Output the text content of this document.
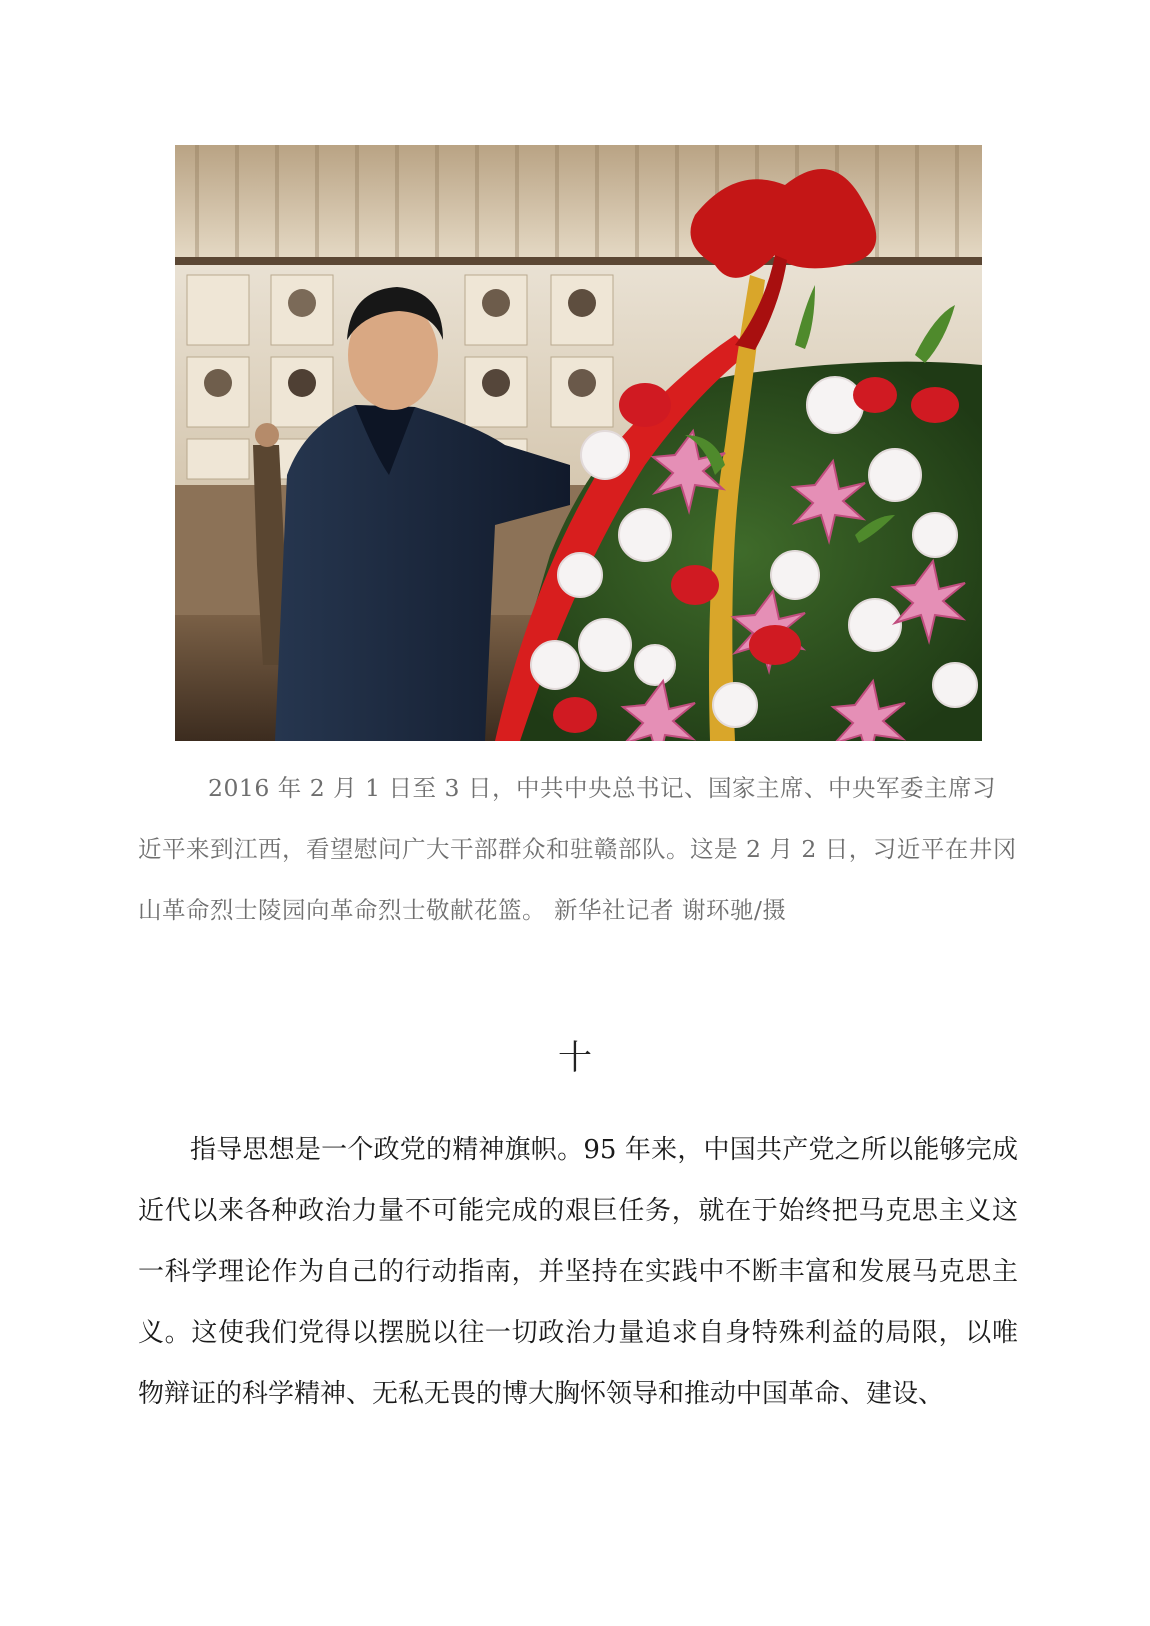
2016 年 2 月 1 日至 3 日，中共中央总书记、国家主席、中央军委主席习近平来到江西，看望慰问广大干部群众和驻赣部队。这是 2 月 2 日，习近平在井冈山革命烈士陵园向革命烈士敬献花篮。 新华社记者 谢环驰/摄

十

指导思想是一个政党的精神旗帜。95 年来，中国共产党之所以能够完成近代以来各种政治力量不可能完成的艰巨任务，就在于始终把马克思主义这一科学理论作为自己的行动指南，并坚持在实践中不断丰富和发展马克思主义。这使我们党得以摆脱以往一切政治力量追求自身特殊利益的局限，以唯物辩证的科学精神、无私无畏的博大胸怀领导和推动中国革命、建设、
